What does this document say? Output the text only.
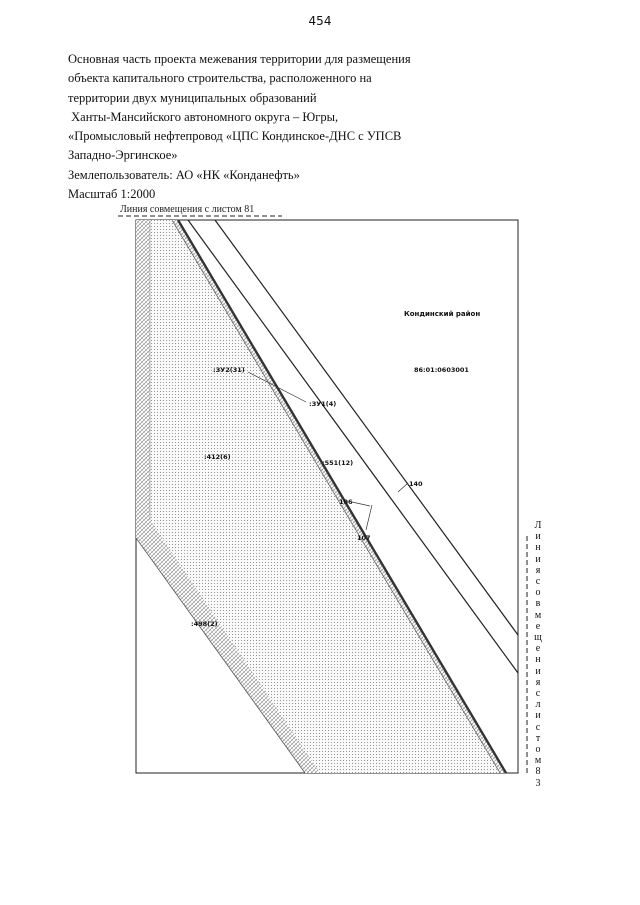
454
Основная часть проекта межевания территории для размещения
объекта капитального строительства, расположенного на
территории двух муниципальных образований
Ханты-Мансийского автономного округа – Югры,
«Промысловый нефтепровод «ЦПС Кондинское-ДНС с УПСВ
Западно-Эргинское»
Землепользователь: АО «НК «Конданефть»
Масштаб 1:2000
Линия совмещения с листом 81
Кондинский район
86:01:0603001
:ЗУ2(31)
:ЗУ1(4)
:412(6)
:551(12)
:498(2)
140
106
107
Л
и
н
и
я
с
о
в
м
е
щ
е
н
и
я
с
л
и
с
т
о
м
8
3
